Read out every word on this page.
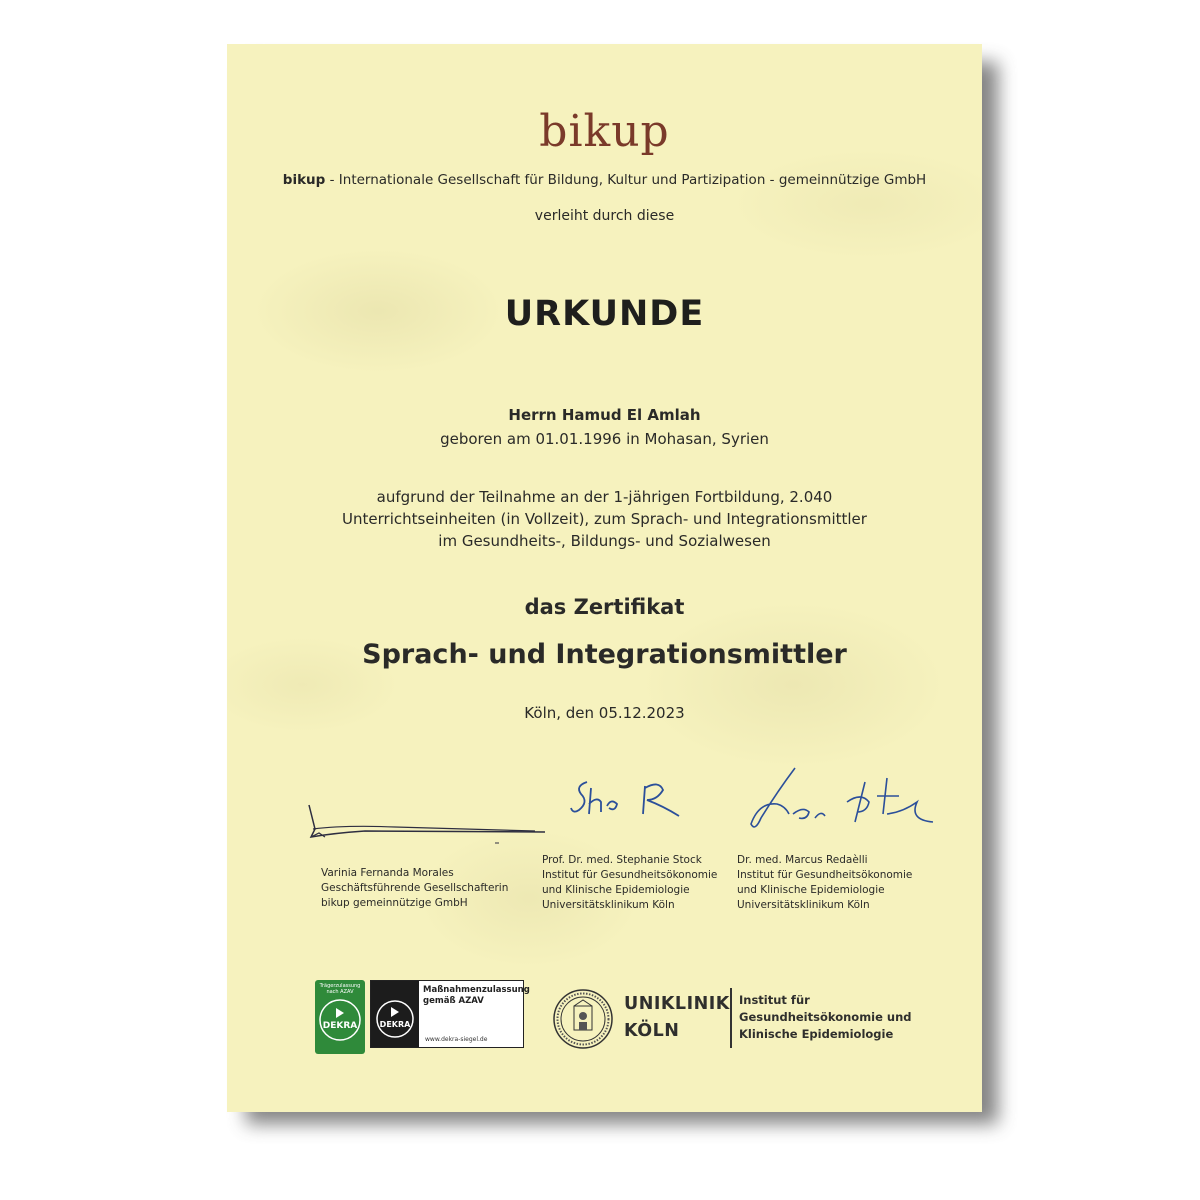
bikup
bikup - Internationale Gesellschaft für Bildung, Kultur und Partizipation - gemeinnützige GmbH
verleiht durch diese
URKUNDE
Herrn Hamud El Amlah
geboren am 01.01.1996 in Mohasan, Syrien
aufgrund der Teilnahme an der 1-jährigen Fortbildung, 2.040
Unterrichtseinheiten (in Vollzeit), zum Sprach- und Integrationsmittler
im Gesundheits-, Bildungs- und Sozialwesen
das Zertifikat
Sprach- und Integrationsmittler
Köln, den 05.12.2023
Varinia Fernanda Morales
Geschäftsführende Gesellschafterin
bikup gemeinnützige GmbH
Prof. Dr. med. Stephanie Stock
Institut für Gesundheitsökonomie
und Klinische Epidemiologie
Universitätsklinikum Köln
Dr. med. Marcus Redaèlli
Institut für Gesundheitsökonomie
und Klinische Epidemiologie
Universitätsklinikum Köln
Trägerzulassung nach AZAV
DEKRA	DEKRA
Maßnahmenzulassung
gemäß AZAV
www.dekra-siegel.de
UNIKLINIK
KÖLN
Institut für
Gesundheitsökonomie und
Klinische Epidemiologie
